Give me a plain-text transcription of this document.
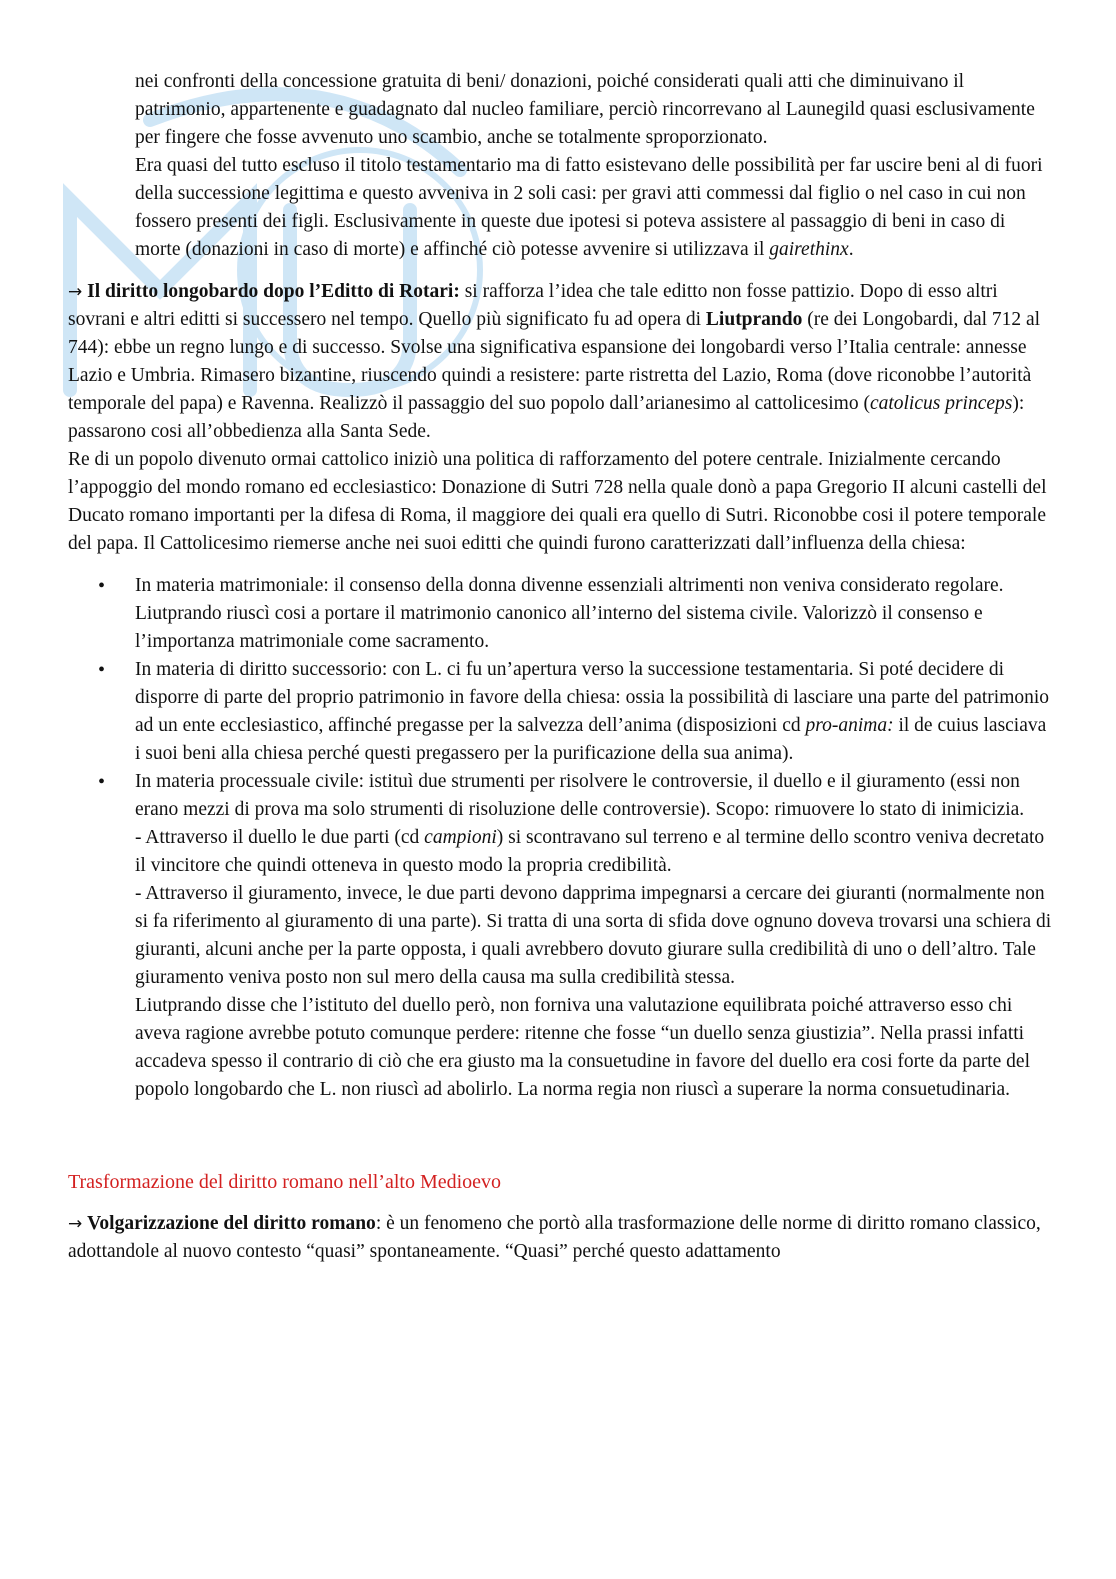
nei confronti della concessione gratuita di beni/ donazioni, poiché considerati quali atti che diminuivano il patrimonio, appartenente e guadagnato dal nucleo familiare, perciò rincorrevano al Launegild quasi esclusivamente per fingere che fosse avvenuto uno scambio, anche se totalmente sproporzionato.

Era quasi del tutto escluso il titolo testamentario ma di fatto esistevano delle possibilità per far uscire beni al di fuori della successione legittima e questo avveniva in 2 soli casi: per gravi atti commessi dal figlio o nel caso in cui non fossero presenti dei figli. Esclusivamente in queste due ipotesi si poteva assistere al passaggio di beni in caso di morte (donazioni in caso di morte) e affinché ciò potesse avvenire si utilizzava il gairethinx.

→ Il diritto longobardo dopo l’Editto di Rotari: si rafforza l’idea che tale editto non fosse pattizio. Dopo di esso altri sovrani e altri editti si successero nel tempo. Quello più significato fu ad opera di Liutprando (re dei Longobardi, dal 712 al 744): ebbe un regno lungo e di successo. Svolse una significativa espansione dei longobardi verso l’Italia centrale: annesse Lazio e Umbria. Rimasero bizantine, riuscendo quindi a resistere: parte ristretta del Lazio, Roma (dove riconobbe l’autorità temporale del papa) e Ravenna. Realizzò il passaggio del suo popolo dall’arianesimo al cattolicesimo (catolicus princeps): passarono cosi all’obbedienza alla Santa Sede.

Re di un popolo divenuto ormai cattolico iniziò una politica di rafforzamento del potere centrale. Inizialmente cercando l’appoggio del mondo romano ed ecclesiastico: Donazione di Sutri 728 nella quale donò a papa Gregorio II alcuni castelli del Ducato romano importanti per la difesa di Roma, il maggiore dei quali era quello di Sutri. Riconobbe cosi il potere temporale del papa. Il Cattolicesimo riemerse anche nei suoi editti che quindi furono caratterizzati dall’influenza della chiesa:

• In materia matrimoniale: il consenso della donna divenne essenziali altrimenti non veniva considerato regolare. Liutprando riuscì cosi a portare il matrimonio canonico all’interno del sistema civile. Valorizzò il consenso e l’importanza matrimoniale come sacramento.
• In materia di diritto successorio: con L. ci fu un’apertura verso la successione testamentaria. Si poté decidere di disporre di parte del proprio patrimonio in favore della chiesa: ossia la possibilità di lasciare una parte del patrimonio ad un ente ecclesiastico, affinché pregasse per la salvezza dell’anima (disposizioni cd pro-anima: il de cuius lasciava i suoi beni alla chiesa perché questi pregassero per la purificazione della sua anima).
• In materia processuale civile: istituì due strumenti per risolvere le controversie, il duello e il giuramento (essi non erano mezzi di prova ma solo strumenti di risoluzione delle controversie). Scopo: rimuovere lo stato di inimicizia.

- Attraverso il duello le due parti (cd campioni) si scontravano sul terreno e al termine dello scontro veniva decretato il vincitore che quindi otteneva in questo modo la propria credibilità.

- Attraverso il giuramento, invece, le due parti devono dapprima impegnarsi a cercare dei giuranti (normalmente non si fa riferimento al giuramento di una parte). Si tratta di una sorta di sfida dove ognuno doveva trovarsi una schiera di giuranti, alcuni anche per la parte opposta, i quali avrebbero dovuto giurare sulla credibilità di uno o dell’altro. Tale giuramento veniva posto non sul mero della causa ma sulla credibilità stessa.

Liutprando disse che l’istituto del duello però, non forniva una valutazione equilibrata poiché attraverso esso chi aveva ragione avrebbe potuto comunque perdere: ritenne che fosse “un duello senza giustizia”. Nella prassi infatti accadeva spesso il contrario di ciò che era giusto ma la consuetudine in favore del duello era cosi forte da parte del popolo longobardo che L. non riuscì ad abolirlo. La norma regia non riuscì a superare la norma consuetudinaria.

Trasformazione del diritto romano nell’alto Medioevo

→ Volgarizzazione del diritto romano: è un fenomeno che portò alla trasformazione delle norme di diritto romano classico, adottandole al nuovo contesto “quasi” spontaneamente. “Quasi” perché questo adattamento
